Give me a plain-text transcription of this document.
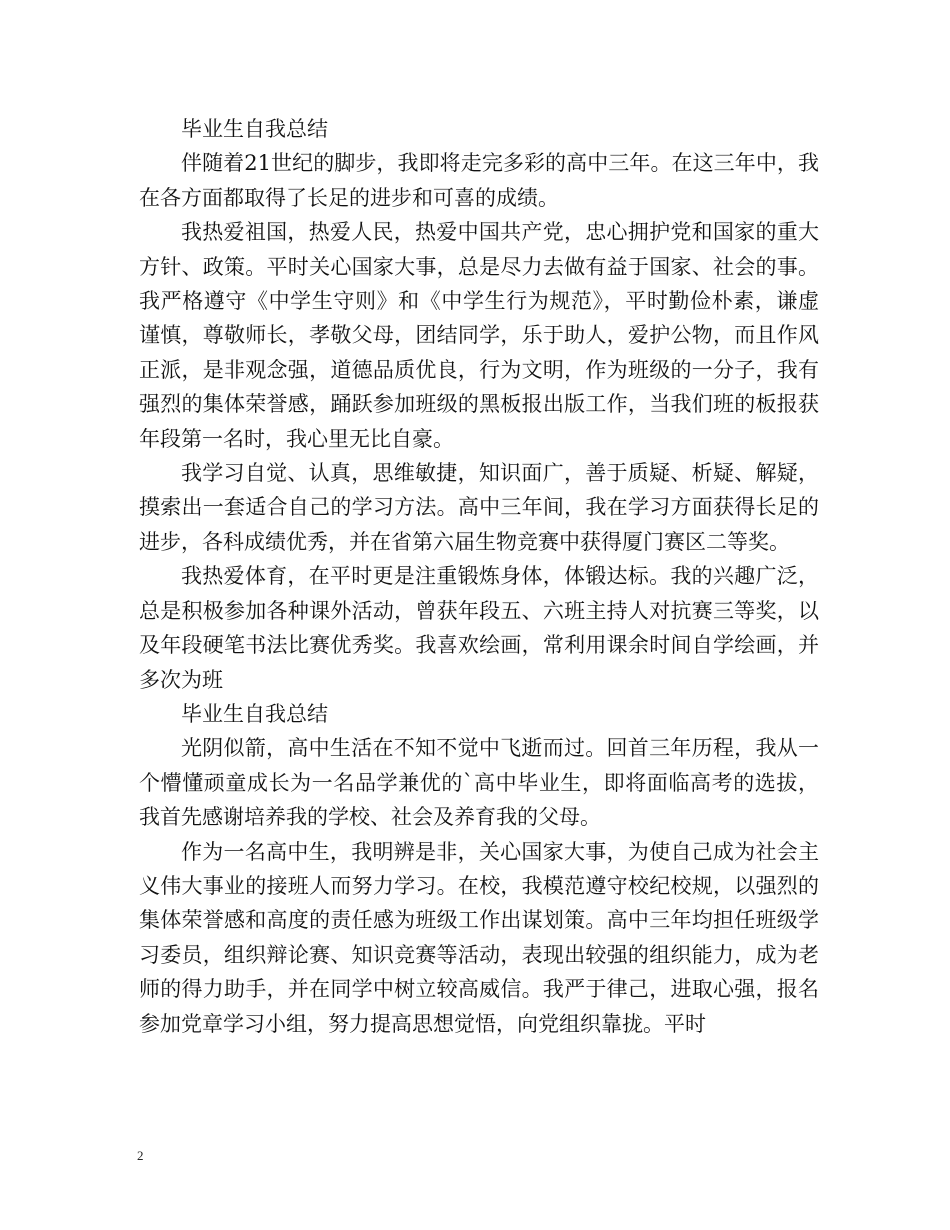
毕业生自我总结

伴随着21世纪的脚步，我即将走完多彩的高中三年。在这三年中，我在各方面都取得了长足的进步和可喜的成绩。

我热爱祖国，热爱人民，热爱中国共产党，忠心拥护党和国家的重大方针、政策。平时关心国家大事，总是尽力去做有益于国家、社会的事。我严格遵守《中学生守则》和《中学生行为规范》，平时勤俭朴素，谦虚谨慎，尊敬师长，孝敬父母，团结同学，乐于助人，爱护公物，而且作风正派，是非观念强，道德品质优良，行为文明，作为班级的一分子，我有强烈的集体荣誉感，踊跃参加班级的黑板报出版工作，当我们班的板报获年段第一名时，我心里无比自豪。

我学习自觉、认真，思维敏捷，知识面广，善于质疑、析疑、解疑，摸索出一套适合自己的学习方法。高中三年间，我在学习方面获得长足的进步，各科成绩优秀，并在省第六届生物竞赛中获得厦门赛区二等奖。

我热爱体育，在平时更是注重锻炼身体，体锻达标。我的兴趣广泛，总是积极参加各种课外活动，曾获年段五、六班主持人对抗赛三等奖，以及年段硬笔书法比赛优秀奖。我喜欢绘画，常利用课余时间自学绘画，并多次为班

毕业生自我总结

光阴似箭，高中生活在不知不觉中飞逝而过。回首三年历程，我从一个懵懂顽童成长为一名品学兼优的`高中毕业生，即将面临高考的选拔，我首先感谢培养我的学校、社会及养育我的父母。

作为一名高中生，我明辨是非，关心国家大事，为使自己成为社会主义伟大事业的接班人而努力学习。在校，我模范遵守校纪校规，以强烈的集体荣誉感和高度的责任感为班级工作出谋划策。高中三年均担任班级学习委员，组织辩论赛、知识竞赛等活动，表现出较强的组织能力，成为老师的得力助手，并在同学中树立较高威信。我严于律己，进取心强，报名参加党章学习小组，努力提高思想觉悟，向党组织靠拢。平时

2
